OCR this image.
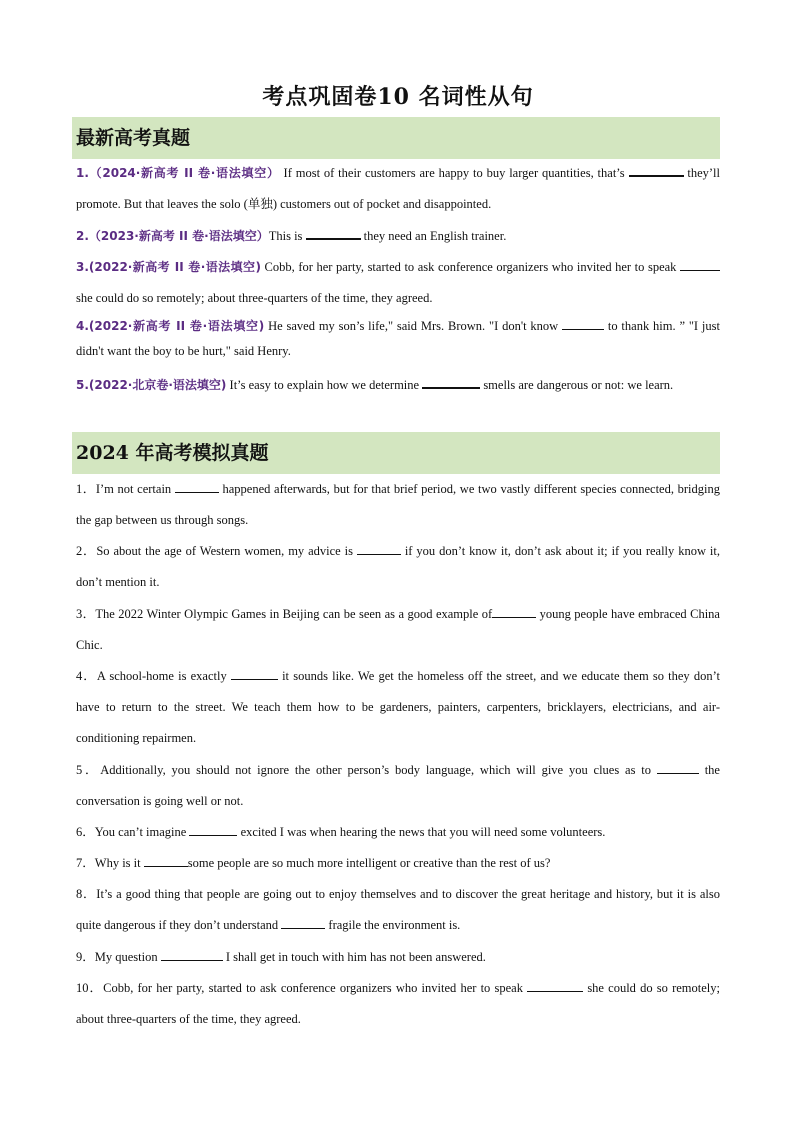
考点巩固卷10 名词性从句
最新高考真题
1.（2024·新高考 II 卷·语法填空） If most of their customers are happy to buy larger quantities, that’s	they’ll promote. But that leaves the solo (单独) customers out of pocket and disappointed.
2.（2023·新高考 II 卷·语法填空）This is	they need an English trainer.
3.(2022·新高考 II 卷·语法填空) Cobb, for her party, started to ask conference organizers who invited her to speak  she could do so remotely; about three-quarters of the time, they agreed.
4.(2022·新高考 II 卷·语法填空) He saved my son’s life," said Mrs. Brown. "I don't know	to thank him. ” "I just didn't want the boy to be hurt," said Henry.
5.(2022·北京卷·语法填空) It’s easy to explain how we determine	smells are dangerous or not: we learn.
2024 年高考模拟真题
1．I’m not certain	happened afterwards, but for that brief period, we two vastly different species connected, bridging the gap between us through songs.
2．So about the age of Western women, my advice is	if you don’t know it, don’t ask about it; if you really know it, don’t mention it.
3．The 2022 Winter Olympic Games in Beijing can be seen as a good example of	young people have embraced China Chic.
4．A school-home is exactly	it sounds like. We get the homeless off the street, and we educate them so they don’t have to return to the street. We teach them how to be gardeners, painters, carpenters, bricklayers, electricians, and air-conditioning repairmen.
5．Additionally, you should not ignore the other person’s body language, which will give you clues as to	the conversation is going well or not.
6．You can’t imagine	excited I was when hearing the news that you will need some volunteers.
7．Why is it	some people are so much more intelligent or creative than the rest of us?
8．It’s a good thing that people are going out to enjoy themselves and to discover the great heritage and history, but it is also quite dangerous if they don’t understand	fragile the environment is.
9．My question	I shall get in touch with him has not been answered.
10．Cobb, for her party, started to ask conference organizers who invited her to speak	she could do so remotely; about three-quarters of the time, they agreed.
